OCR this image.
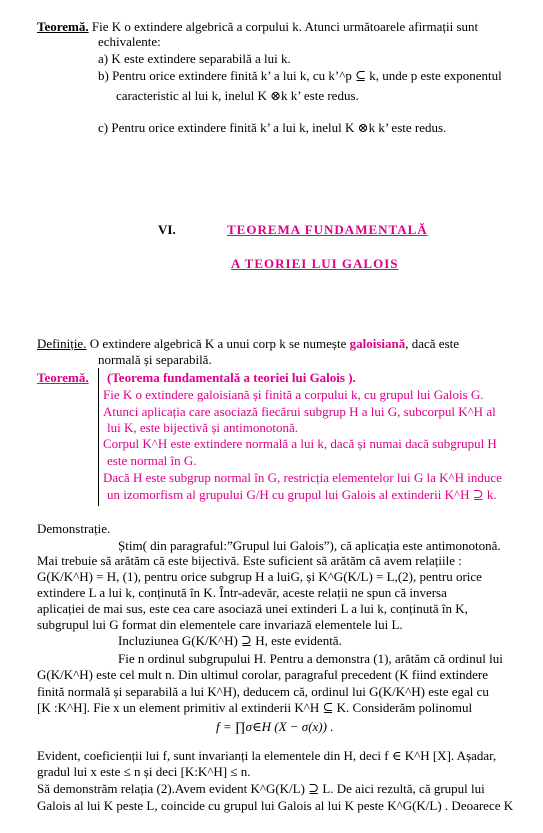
Teoremă. Fie K o extindere algebrică a corpului k. Atunci următoarele afirmații sunt
echivalente:
a) K este extindere separabilă a lui k.
b) Pentru orice extindere finită k’ a lui k, cu k’^p ⊆ k, unde p este exponentul
caracteristic al lui k, inelul K ⊗k k’ este redus.
c) Pentru orice extindere finită k’ a lui k, inelul K ⊗k k’ este redus.
VI.	TEOREMA FUNDAMENTALĂ
A TEORIEI LUI GALOIS
Definiție. O extindere algebrică K a unui corp k se numește galoisiană, dacă este
normală și separabilă.
Teoremă. (Teorema fundamentală a teoriei lui Galois ).
Fie K o extindere galoisiană și finită a corpului k, cu grupul lui Galois G.
Atunci aplicația care asociază fiecărui subgrup H a lui G, subcorpul K^H al
lui K, este bijectivă și antimonotonă.
Corpul K^H este extindere normală a lui k, dacă și numai dacă subgrupul H
este normal în G.
Dacă H este subgrup normal în G, restricția elementelor lui G la K^H induce
un izomorfism al grupului G/H cu grupul lui Galois al extinderii K^H ⊇ k.
Demonstrație.
Știm( din paragraful:”Grupul lui Galois”), că aplicația este antimonotonă.
Mai trebuie să arătăm că este bijectivă. Este suficient să arătăm că avem relațiile :
G(K/K^H) = H, (1), pentru orice subgrup H a luiG, și K^G(K/L) = L,(2), pentru orice
extindere L a lui k, conținută în K. Într-adevăr, aceste relații ne spun că inversa
aplicației de mai sus, este cea care asociază unei extinderi L a lui k, conținută în K,
subgrupul lui G format din elementele care invariază elementele lui L.
Incluziunea G(K/K^H) ⊇ H, este evidentă.
Fie n ordinul subgrupului H. Pentru a demonstra (1), arătăm că ordinul lui
G(K/K^H) este cel mult n. Din ultimul corolar, paragraful precedent (K fiind extindere
finită normală și separabilă a lui K^H), deducem că, ordinul lui G(K/K^H) este egal cu
[K :K^H]. Fie x un element primitiv al extinderii K^H ⊆ K. Considerăm polinomul
f = ∏σ∈H (X − σ(x)) .
Evident, coeficienții lui f, sunt invarianți la elementele din H, deci f ∈ K^H [X]. Așadar,
gradul lui x este ≤ n și deci [K:K^H] ≤ n.
Să demonstrăm relația (2).Avem evident K^G(K/L) ⊇ L. De aici rezultă, că grupul lui
Galois al lui K peste L, coincide cu grupul lui Galois al lui K peste K^G(K/L) . Deoarece K
